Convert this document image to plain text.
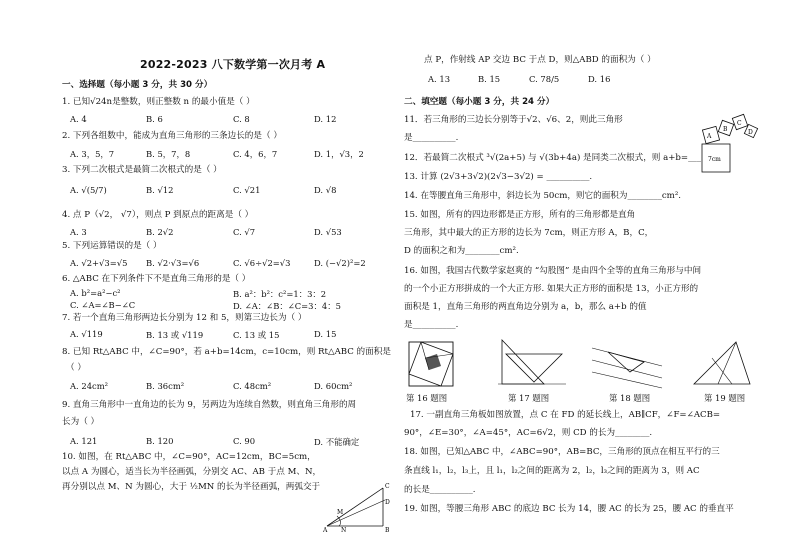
2022-2023 八下数学第一次月考 A
一、选择题（每小题 3 分，共 30 分）
1. 已知√24n是整数，则正整数 n 的最小值是（ ）
A. 4	B. 6	C. 8	D. 12
2. 下列各组数中，能成为直角三角形的三条边长的是（ ）
A. 3，5，7	B. 5，7，8	C. 4，6，7	D. 1，√3，2
3. 下列二次根式是最简二次根式的是（ ）
A. √(5/7)	B. √12	C. √21	D. √8
4. 点 P（√2， √7），则点 P 到原点的距离是（ ）
A. 3	B. 2√2	C. √7	D. √53
5. 下列运算错误的是（ ）
A. √2+√3=√5 B. √2·√3=√6	C. √6÷√2=√3	D. (−√2)²=2
6. △ABC 在下列条件下不是直角三角形的是（ ）
A. b²=a²−c²	B. a²：b²：c²=1：3：2
C. ∠A=∠B−∠C	D. ∠A：∠B：∠C=3：4：5
7. 若一个直角三角形两边长分别为 12 和 5，则第三边长为（ ）
A. √119	B. 13 或 √119	C. 13 或 15	D. 15
8. 已知 Rt△ABC 中，∠C=90°，若 a+b=14cm，c=10cm，则 Rt△ABC 的面积是
（ ）
A. 24cm²	B. 36cm²	C. 48cm²	D. 60cm²
9. 直角三角形中一直角边的长为 9，另两边为连续自然数，则直角三角形的周
长为（ ）
A. 121	B. 120	C. 90	D. 不能确定
10. 如图，在 Rt△ABC 中，∠C=90°，AC=12cm，BC=5cm，
以点 A 为圆心，适当长为半径画弧，分别交 AC、AB 于点 M、N，
再分别以点 M、N 为圆心，大于 ½MN 的长为半径画弧，两弧交于	C
B
A
M
N
D
点 P，作射线 AP 交边 BC 于点 D，则△ABD 的面积为（ ）
A. 13	B. 15	C. 78/5	D. 16
二、填空题（每小题 3 分，共 24 分）
11．若三角形的三边长分别等于√2、√6、2，则此三角形
是__________.	A
B
C
D
7cm
12．若最简二次根式 ³√(2a+5) 与 √(3b+4a) 是同类二次根式，则 a+b=___
13. 计算 (2√3+3√2)(2√3−3√2) = __________.
14. 在等腰直角三角形中，斜边长为 50cm，则它的面积为________cm².
15. 如图，所有的四边形都是正方形，所有的三角形都是直角
三角形，其中最大的正方形的边长为 7cm，则正方形 A，B，C，
D 的面积之和为________cm².
16. 如图，我国古代数学家赵爽的 “勾股图” 是由四个全等的直角三角形与中间
的一个小正方形拼成的一个大正方形. 如果大正方形的面积是 13，小正方形的
面积是 1，直角三角形的两直角边分别为 a，b，那么 a+b 的值
是__________.
第 16 题图	第 17 题图	第 18 题图	第 19 题图
17. 一副直角三角板如图放置，点 C 在 FD 的延长线上，AB∥CF，∠F=∠ACB=
90°，∠E=30°，∠A=45°，AC=6√2，则 CD 的长为________.
18. 如图，已知△ABC 中，∠ABC=90°，AB=BC，三角形的顶点在相互平行的三
条直线 l₁，l₂，l₃上，且 l₁，l₂之间的距离为 2，l₂，l₃之间的距离为 3，则 AC
的长是__________.
19. 如图，等腰三角形 ABC 的底边 BC 长为 14，腰 AC 的长为 25，腰 AC 的垂直平
